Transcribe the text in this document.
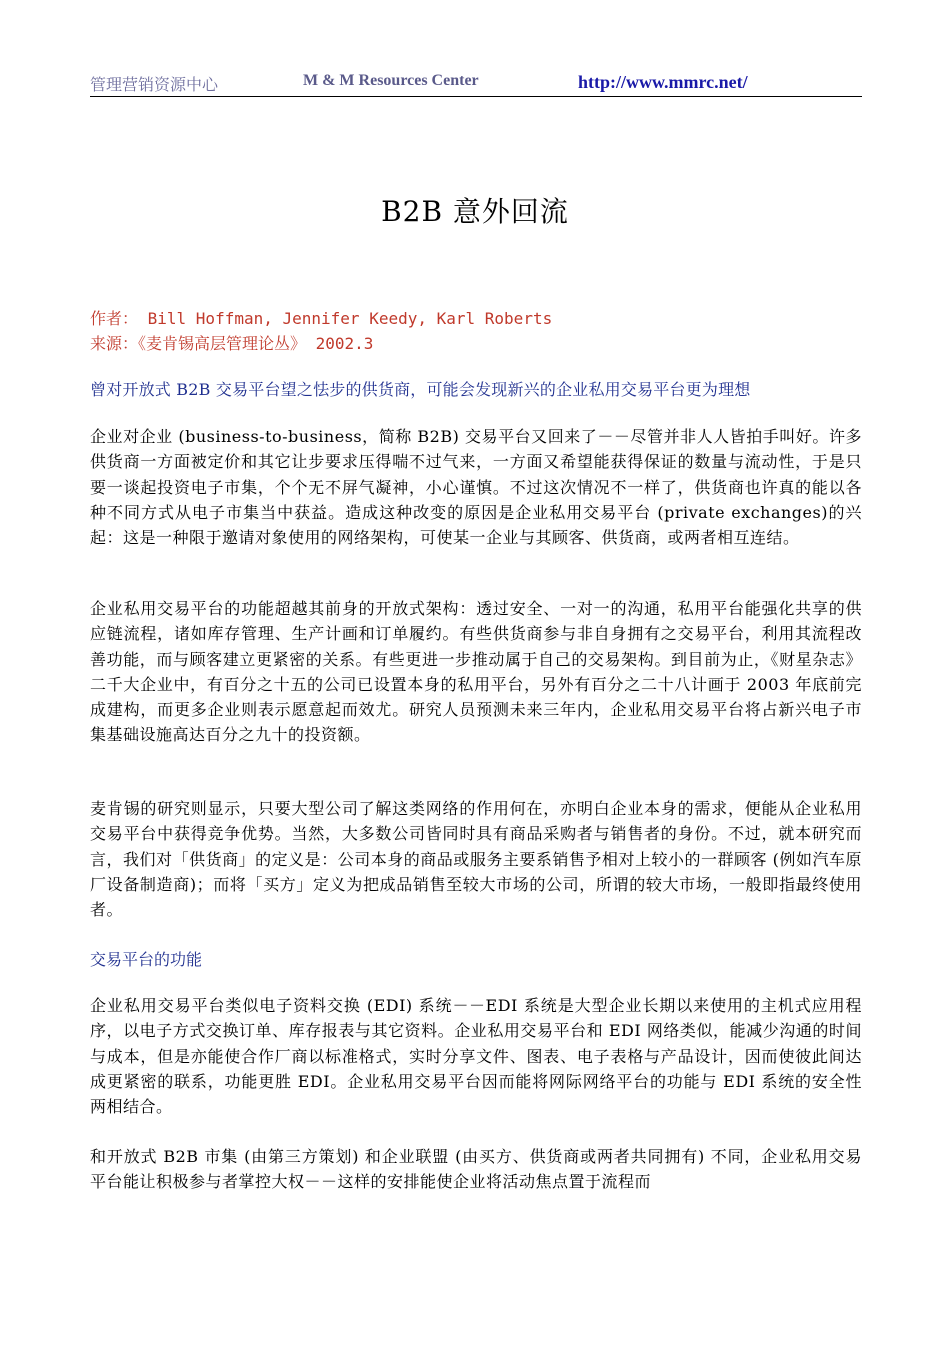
管理营销资源中心	M & M Resources Center	http://www.mmrc.net/
B2B 意外回流
作者： Bill Hoffman, Jennifer Keedy, Karl Roberts
来源：《麦肯锡高层管理论丛》 2002.3
曾对开放式 B2B 交易平台望之怯步的供货商，可能会发现新兴的企业私用交易平台更为理想
企业对企业 (business-to-business，简称 B2B) 交易平台又回来了－－尽管并非人人皆拍手叫好。许多供货商一方面被定价和其它让步要求压得喘不过气来，一方面又希望能获得保证的数量与流动性，于是只要一谈起投资电子市集，个个无不屏气凝神，小心谨慎。不过这次情况不一样了，供货商也许真的能以各种不同方式从电子市集当中获益。造成这种改变的原因是企业私用交易平台 (private exchanges)的兴起：这是一种限于邀请对象使用的网络架构，可使某一企业与其顾客、供货商，或两者相互连结。
企业私用交易平台的功能超越其前身的开放式架构：透过安全、一对一的沟通，私用平台能强化共享的供应链流程，诸如库存管理、生产计画和订单履约。有些供货商参与非自身拥有之交易平台，利用其流程改善功能，而与顾客建立更紧密的关系。有些更进一步推动属于自己的交易架构。到目前为止，《财星杂志》二千大企业中，有百分之十五的公司已设置本身的私用平台，另外有百分之二十八计画于 2003 年底前完成建构，而更多企业则表示愿意起而效尤。研究人员预测未来三年内，企业私用交易平台将占新兴电子市集基础设施高达百分之九十的投资额。
麦肯锡的研究则显示，只要大型公司了解这类网络的作用何在，亦明白企业本身的需求，便能从企业私用交易平台中获得竞争优势。当然，大多数公司皆同时具有商品采购者与销售者的身份。不过，就本研究而言，我们对「供货商」的定义是：公司本身的商品或服务主要系销售予相对上较小的一群顾客 (例如汽车原厂设备制造商)；而将「买方」定义为把成品销售至较大市场的公司，所谓的较大市场，一般即指最终使用者。
交易平台的功能
企业私用交易平台类似电子资料交换 (EDI) 系统－－EDI 系统是大型企业长期以来使用的主机式应用程序，以电子方式交换订单、库存报表与其它资料。企业私用交易平台和 EDI 网络类似，能减少沟通的时间与成本，但是亦能使合作厂商以标准格式，实时分享文件、图表、电子表格与产品设计，因而使彼此间达成更紧密的联系，功能更胜 EDI。企业私用交易平台因而能将网际网络平台的功能与 EDI 系统的安全性两相结合。
和开放式 B2B 市集 (由第三方策划) 和企业联盟 (由买方、供货商或两者共同拥有) 不同，企业私用交易平台能让积极参与者掌控大权－－这样的安排能使企业将活动焦点置于流程而
